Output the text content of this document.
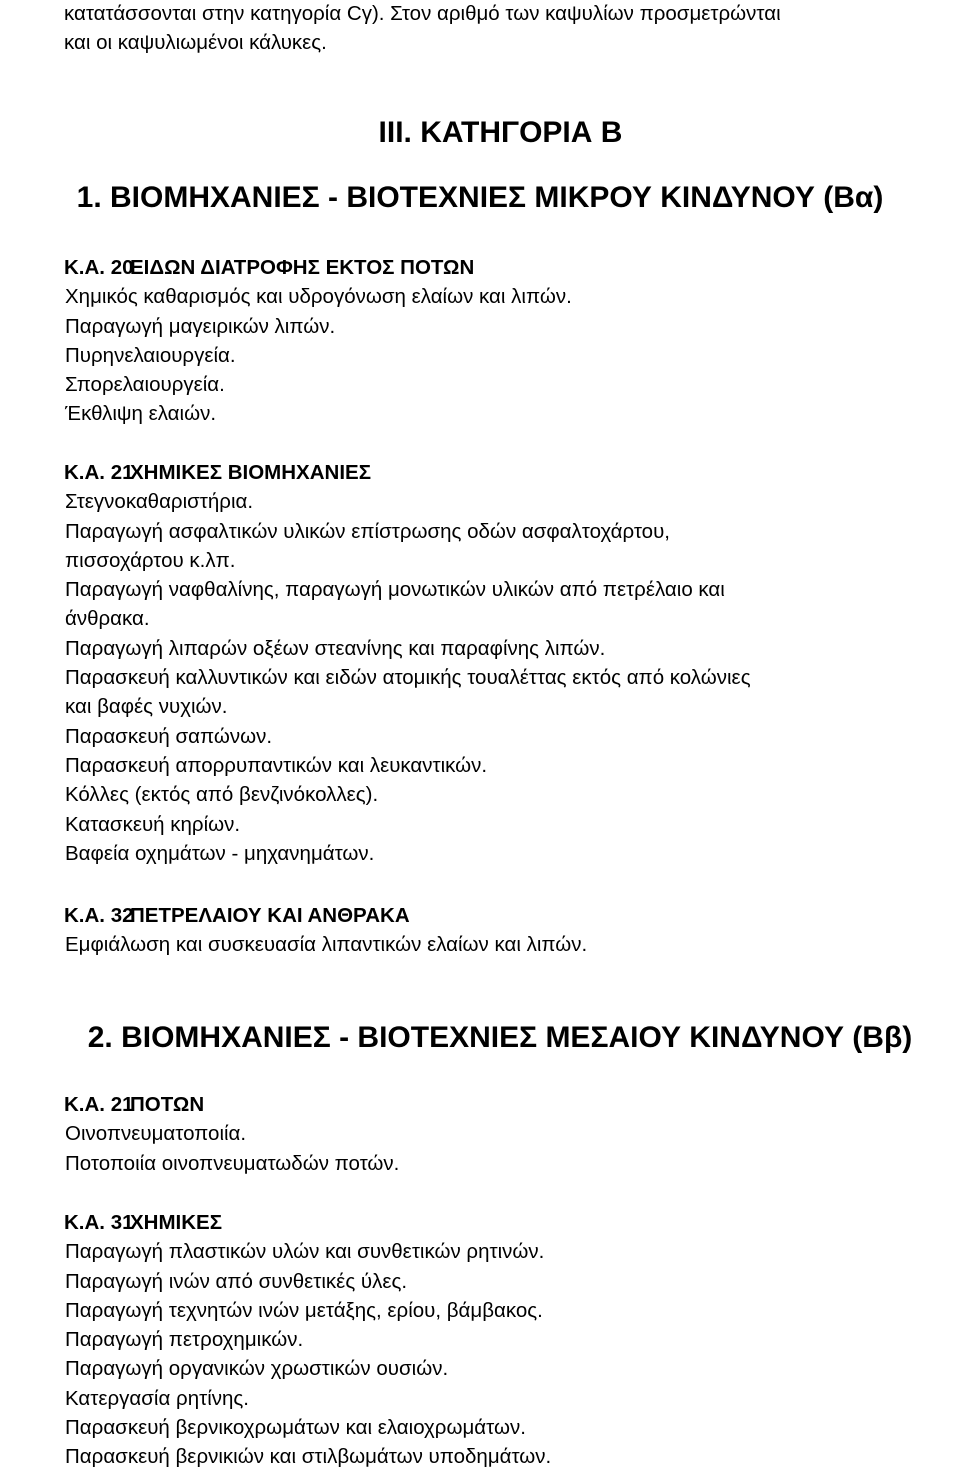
κατατάσσονται στην κατηγορία Cγ). Στον αριθμό των καψυλίων προσμετρώνται
και οι καψυλιωμένοι κάλυκες.
III. ΚΑΤΗΓΟΡΙΑ Β
1. ΒΙΟΜΗΧΑΝΙΕΣ - ΒΙΟΤΕΧΝΙΕΣ ΜΙΚΡΟΥ ΚΙΝΔΥΝΟΥ (Βα)
Κ.Α. 20
ΕΙΔΩΝ ΔΙΑΤΡΟΦΗΣ ΕΚΤΟΣ ΠΟΤΩΝ
Χημικός καθαρισμός και υδρογόνωση ελαίων και λιπών.
Παραγωγή μαγειρικών λιπών.
Πυρηνελαιουργεία.
Σπορελαιουργεία.
Έκθλιψη ελαιών.
Κ.Α. 21
ΧΗΜΙΚΕΣ ΒΙΟΜΗΧΑΝΙΕΣ
Στεγνοκαθαριστήρια.
Παραγωγή ασφαλτικών υλικών επίστρωσης οδών ασφαλτοχάρτου,
πισσοχάρτου κ.λπ.
Παραγωγή ναφθαλίνης, παραγωγή μονωτικών υλικών από πετρέλαιο και
άνθρακα.
Παραγωγή λιπαρών οξέων στεανίνης και παραφίνης λιπών.
Παρασκευή καλλυντικών και ειδών ατομικής τουαλέττας εκτός από κολώνιες
και βαφές νυχιών.
Παρασκευή σαπώνων.
Παρασκευή απορρυπαντικών και λευκαντικών.
Κόλλες (εκτός από βενζινόκολλες).
Κατασκευή κηρίων.
Βαφεία οχημάτων - μηχανημάτων.
Κ.Α. 32
ΠΕΤΡΕΛΑΙΟΥ ΚΑΙ ΑΝΘΡΑΚΑ
Εμφιάλωση και συσκευασία λιπαντικών ελαίων και λιπών.
2. ΒΙΟΜΗΧΑΝΙΕΣ - ΒΙΟΤΕΧΝΙΕΣ ΜΕΣΑΙΟΥ ΚΙΝΔΥΝΟΥ (Ββ)
Κ.Α. 21
ΠΟΤΩΝ
Οινοπνευματοποιία.
Ποτοποιία οινοπνευματωδών ποτών.
Κ.Α. 31
ΧΗΜΙΚΕΣ
Παραγωγή πλαστικών υλών και συνθετικών ρητινών.
Παραγωγή ινών από συνθετικές ύλες.
Παραγωγή τεχνητών ινών μετάξης, ερίου, βάμβακος.
Παραγωγή πετροχημικών.
Παραγωγή οργανικών χρωστικών ουσιών.
Κατεργασία ρητίνης.
Παρασκευή βερνικοχρωμάτων και ελαιοχρωμάτων.
Παρασκευή βερνικιών και στιλβωμάτων υποδημάτων.
